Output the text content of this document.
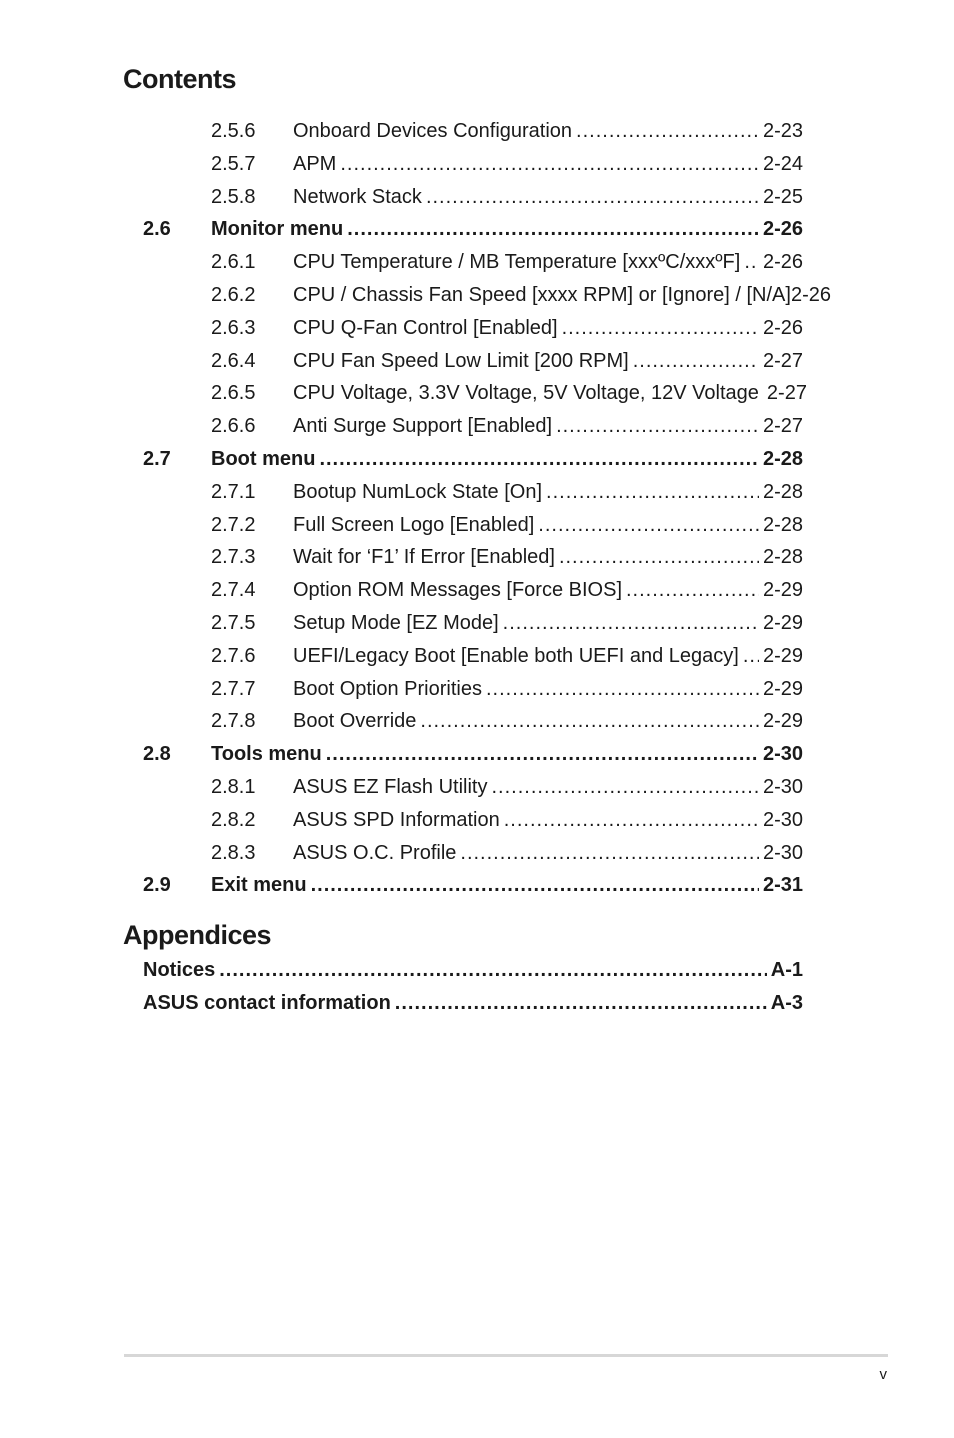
Contents
2.5.6 Onboard Devices Configuration .....	2-23
2.5.7 APM .....	2-24
2.5.8 Network Stack .....	2-25
2.6 Monitor menu .....	2-26
2.6.1 CPU Temperature / MB Temperature [xxxºC/xxxºF] ..... 2-26
2.6.2 CPU / Chassis Fan Speed [xxxx RPM] or [Ignore] / [N/A] 2-26
2.6.3 CPU Q-Fan Control [Enabled] .....	2-26
2.6.4 CPU Fan Speed Low Limit [200 RPM] .....	2-27
2.6.5 CPU Voltage, 3.3V Voltage, 5V Voltage, 12V Voltage 2-27
2.6.6 Anti Surge Support [Enabled] .....	2-27
2.7 Boot menu .....	2-28
2.7.1 Bootup NumLock State [On] .....	2-28
2.7.2 Full Screen Logo [Enabled] .....	2-28
2.7.3 Wait for ‘F1’ If Error [Enabled] .....	2-28
2.7.4 Option ROM Messages [Force BIOS] .....	2-29
2.7.5 Setup Mode [EZ Mode] .....	2-29
2.7.6 UEFI/Legacy Boot [Enable both UEFI and Legacy] ..... 2-29
2.7.7 Boot Option Priorities .....	2-29
2.7.8 Boot Override .....	2-29
2.8 Tools menu .....	2-30
2.8.1 ASUS EZ Flash Utility .....	2-30
2.8.2 ASUS SPD Information .....	2-30
2.8.3 ASUS O.C. Profile .....	2-30
2.9 Exit menu .....	2-31
Appendices
Notices .....	A-1
ASUS contact information .....	A-3
v
